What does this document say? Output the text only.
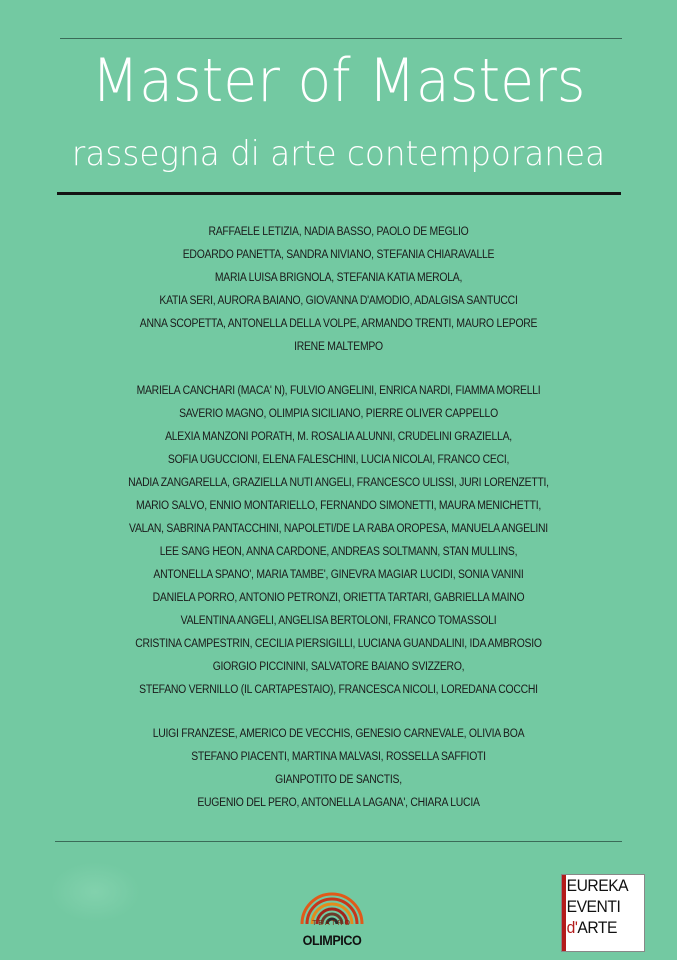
Master of Masters
rassegna di arte contemporanea
RAFFAELE LETIZIA, NADIA BASSO, PAOLO DE MEGLIO
EDOARDO PANETTA, SANDRA NIVIANO, STEFANIA CHIARAVALLE
MARIA LUISA BRIGNOLA, STEFANIA KATIA MEROLA,
KATIA SERI, AURORA BAIANO, GIOVANNA D'AMODIO, ADALGISA SANTUCCI
ANNA SCOPETTA, ANTONELLA DELLA VOLPE, ARMANDO TRENTI, MAURO LEPORE
IRENE MALTEMPO
MARIELA CANCHARI (MACA' N), FULVIO ANGELINI, ENRICA NARDI, FIAMMA MORELLI
SAVERIO MAGNO, OLIMPIA SICILIANO, PIERRE OLIVER CAPPELLO
ALEXIA MANZONI PORATH, M. ROSALIA ALUNNI, CRUDELINI GRAZIELLA,
SOFIA UGUCCIONI, ELENA FALESCHINI, LUCIA NICOLAI, FRANCO CECI,
NADIA ZANGARELLA, GRAZIELLA NUTI ANGELI, FRANCESCO ULISSI, JURI LORENZETTI,
MARIO SALVO, ENNIO MONTARIELLO, FERNANDO SIMONETTI, MAURA MENICHETTI,
VALAN, SABRINA PANTACCHINI, NAPOLETI/DE LA RABA OROPESA, MANUELA ANGELINI
LEE SANG HEON, ANNA CARDONE, ANDREAS SOLTMANN, STAN MULLINS,
ANTONELLA SPANO', MARIA TAMBE', GINEVRA MAGIAR LUCIDI, SONIA VANINI
DANIELA PORRO, ANTONIO PETRONZI, ORIETTA TARTARI, GABRIELLA MAINO
VALENTINA ANGELI, ANGELISA BERTOLONI, FRANCO TOMASSOLI
CRISTINA CAMPESTRIN, CECILIA PIERSIGILLI, LUCIANA GUANDALINI, IDA AMBROSIO
GIORGIO PICCININI, SALVATORE BAIANO SVIZZERO,
STEFANO VERNILLO (IL CARTAPESTAIO), FRANCESCA NICOLI, LOREDANA COCCHI
LUIGI FRANZESE, AMERICO DE VECCHIS, GENESIO CARNEVALE, OLIVIA BOA
STEFANO PIACENTI, MARTINA MALVASI, ROSSELLA SAFFIOTI
GIANPOTITO DE SANCTIS,
EUGENIO DEL PERO, ANTONELLA LAGANA', CHIARA LUCIA
TEATRO
OLIMPICO
EUREKA
EVENTI
d'ARTE
